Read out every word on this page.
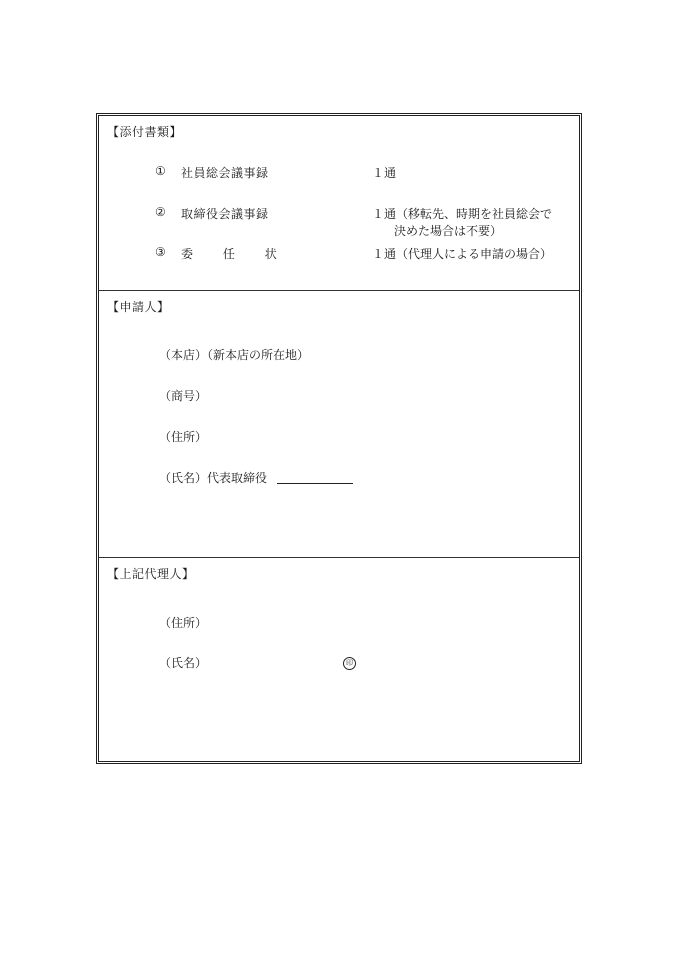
【添付書類】
① 社員総会議事録	１通
② 取締役会議事録	１通（移転先、時期を社員総会で
決めた場合は不要）
③ 委 任 状	１通（代理人による申請の場合）
【申請人】
（本店）（新本店の所在地）
（商号）
（住所）
（氏名）代表取締役
【上記代理人】
（住所）
（氏名）	印
